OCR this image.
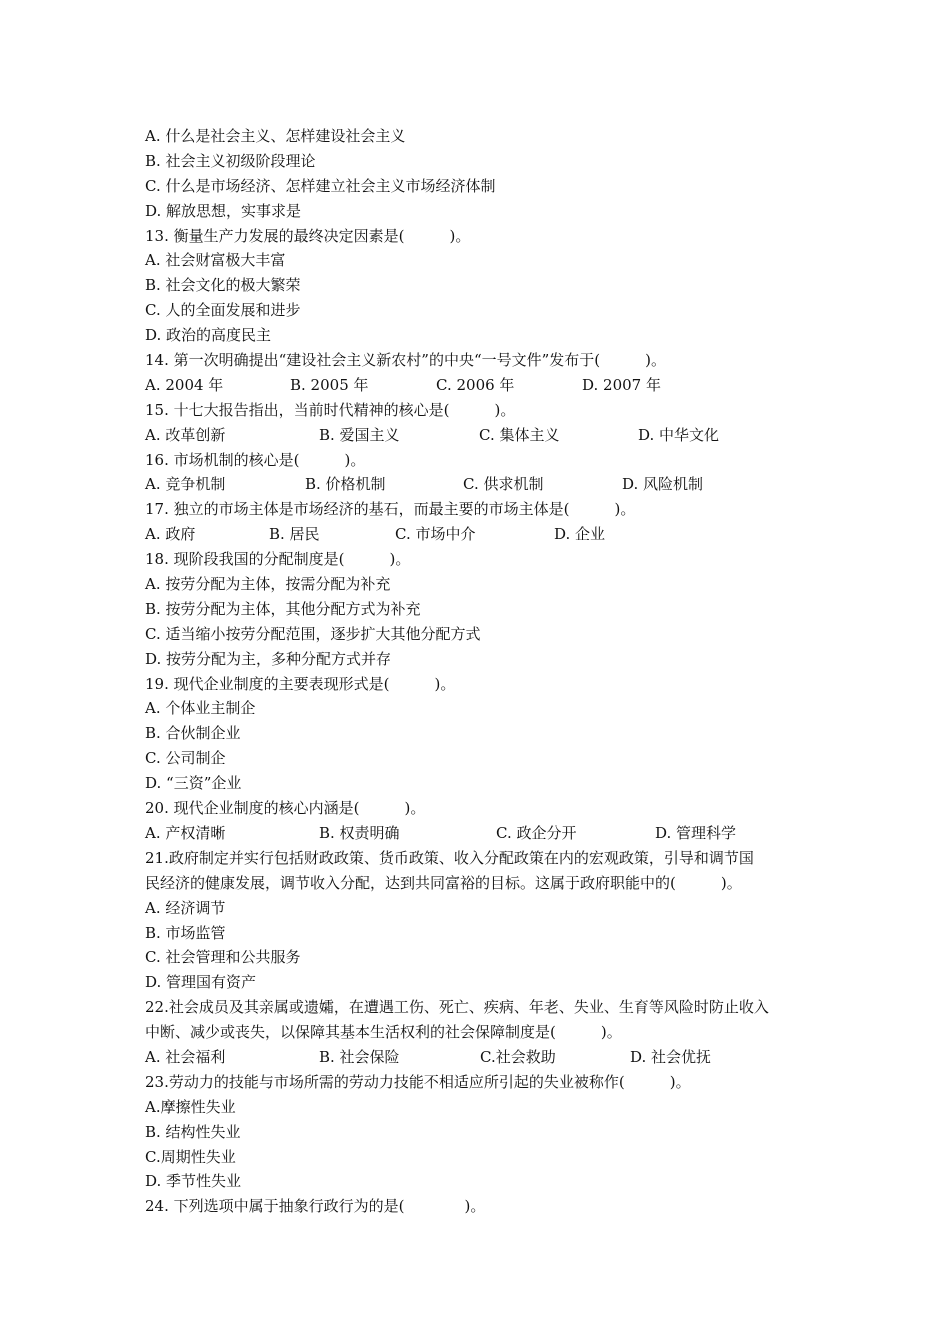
A. 什么是社会主义、怎样建设社会主义
B. 社会主义初级阶段理论
C. 什么是市场经济、怎样建立社会主义市场经济体制
D. 解放思想，实事求是
13. 衡量生产力发展的最终决定因素是(　　　)。
A. 社会财富极大丰富
B. 社会文化的极大繁荣
C. 人的全面发展和进步
D. 政治的高度民主
14. 第一次明确提出“建设社会主义新农村”的中央“一号文件”发布于(　　　)。
A. 2004 年	B. 2005 年	C. 2006 年	D. 2007 年
15. 十七大报告指出，当前时代精神的核心是(　　　)。
A. 改革创新	B. 爱国主义	C. 集体主义	D. 中华文化
16. 市场机制的核心是(　　　)。
A. 竞争机制	B. 价格机制	C. 供求机制	D. 风险机制
17. 独立的市场主体是市场经济的基石，而最主要的市场主体是(　　　)。
A. 政府	B. 居民	C. 市场中介	D. 企业
18. 现阶段我国的分配制度是(　　　)。
A. 按劳分配为主体，按需分配为补充
B. 按劳分配为主体，其他分配方式为补充
C. 适当缩小按劳分配范围，逐步扩大其他分配方式
D. 按劳分配为主，多种分配方式并存
19. 现代企业制度的主要表现形式是(　　　)。
A. 个体业主制企
B. 合伙制企业
C. 公司制企
D. “三资”企业
20. 现代企业制度的核心内涵是(　　　)。
A. 产权清晰	B. 权责明确	C. 政企分开	D. 管理科学
21.政府制定并实行包括财政政策、货币政策、收入分配政策在内的宏观政策，引导和调节国
民经济的健康发展，调节收入分配，达到共同富裕的目标。这属于政府职能中的(　　　)。
A. 经济调节
B. 市场监管
C. 社会管理和公共服务
D. 管理国有资产
22.社会成员及其亲属或遗孀，在遭遇工伤、死亡、疾病、年老、失业、生育等风险时防止收入
中断、减少或丧失，以保障其基本生活权利的社会保障制度是(　　　)。
A. 社会福利	B. 社会保险	C.社会救助	D. 社会优抚
23.劳动力的技能与市场所需的劳动力技能不相适应所引起的失业被称作(　　　)。
A.摩擦性失业
B. 结构性失业
C.周期性失业
D. 季节性失业
24. 下列选项中属于抽象行政行为的是(　　　　)。
